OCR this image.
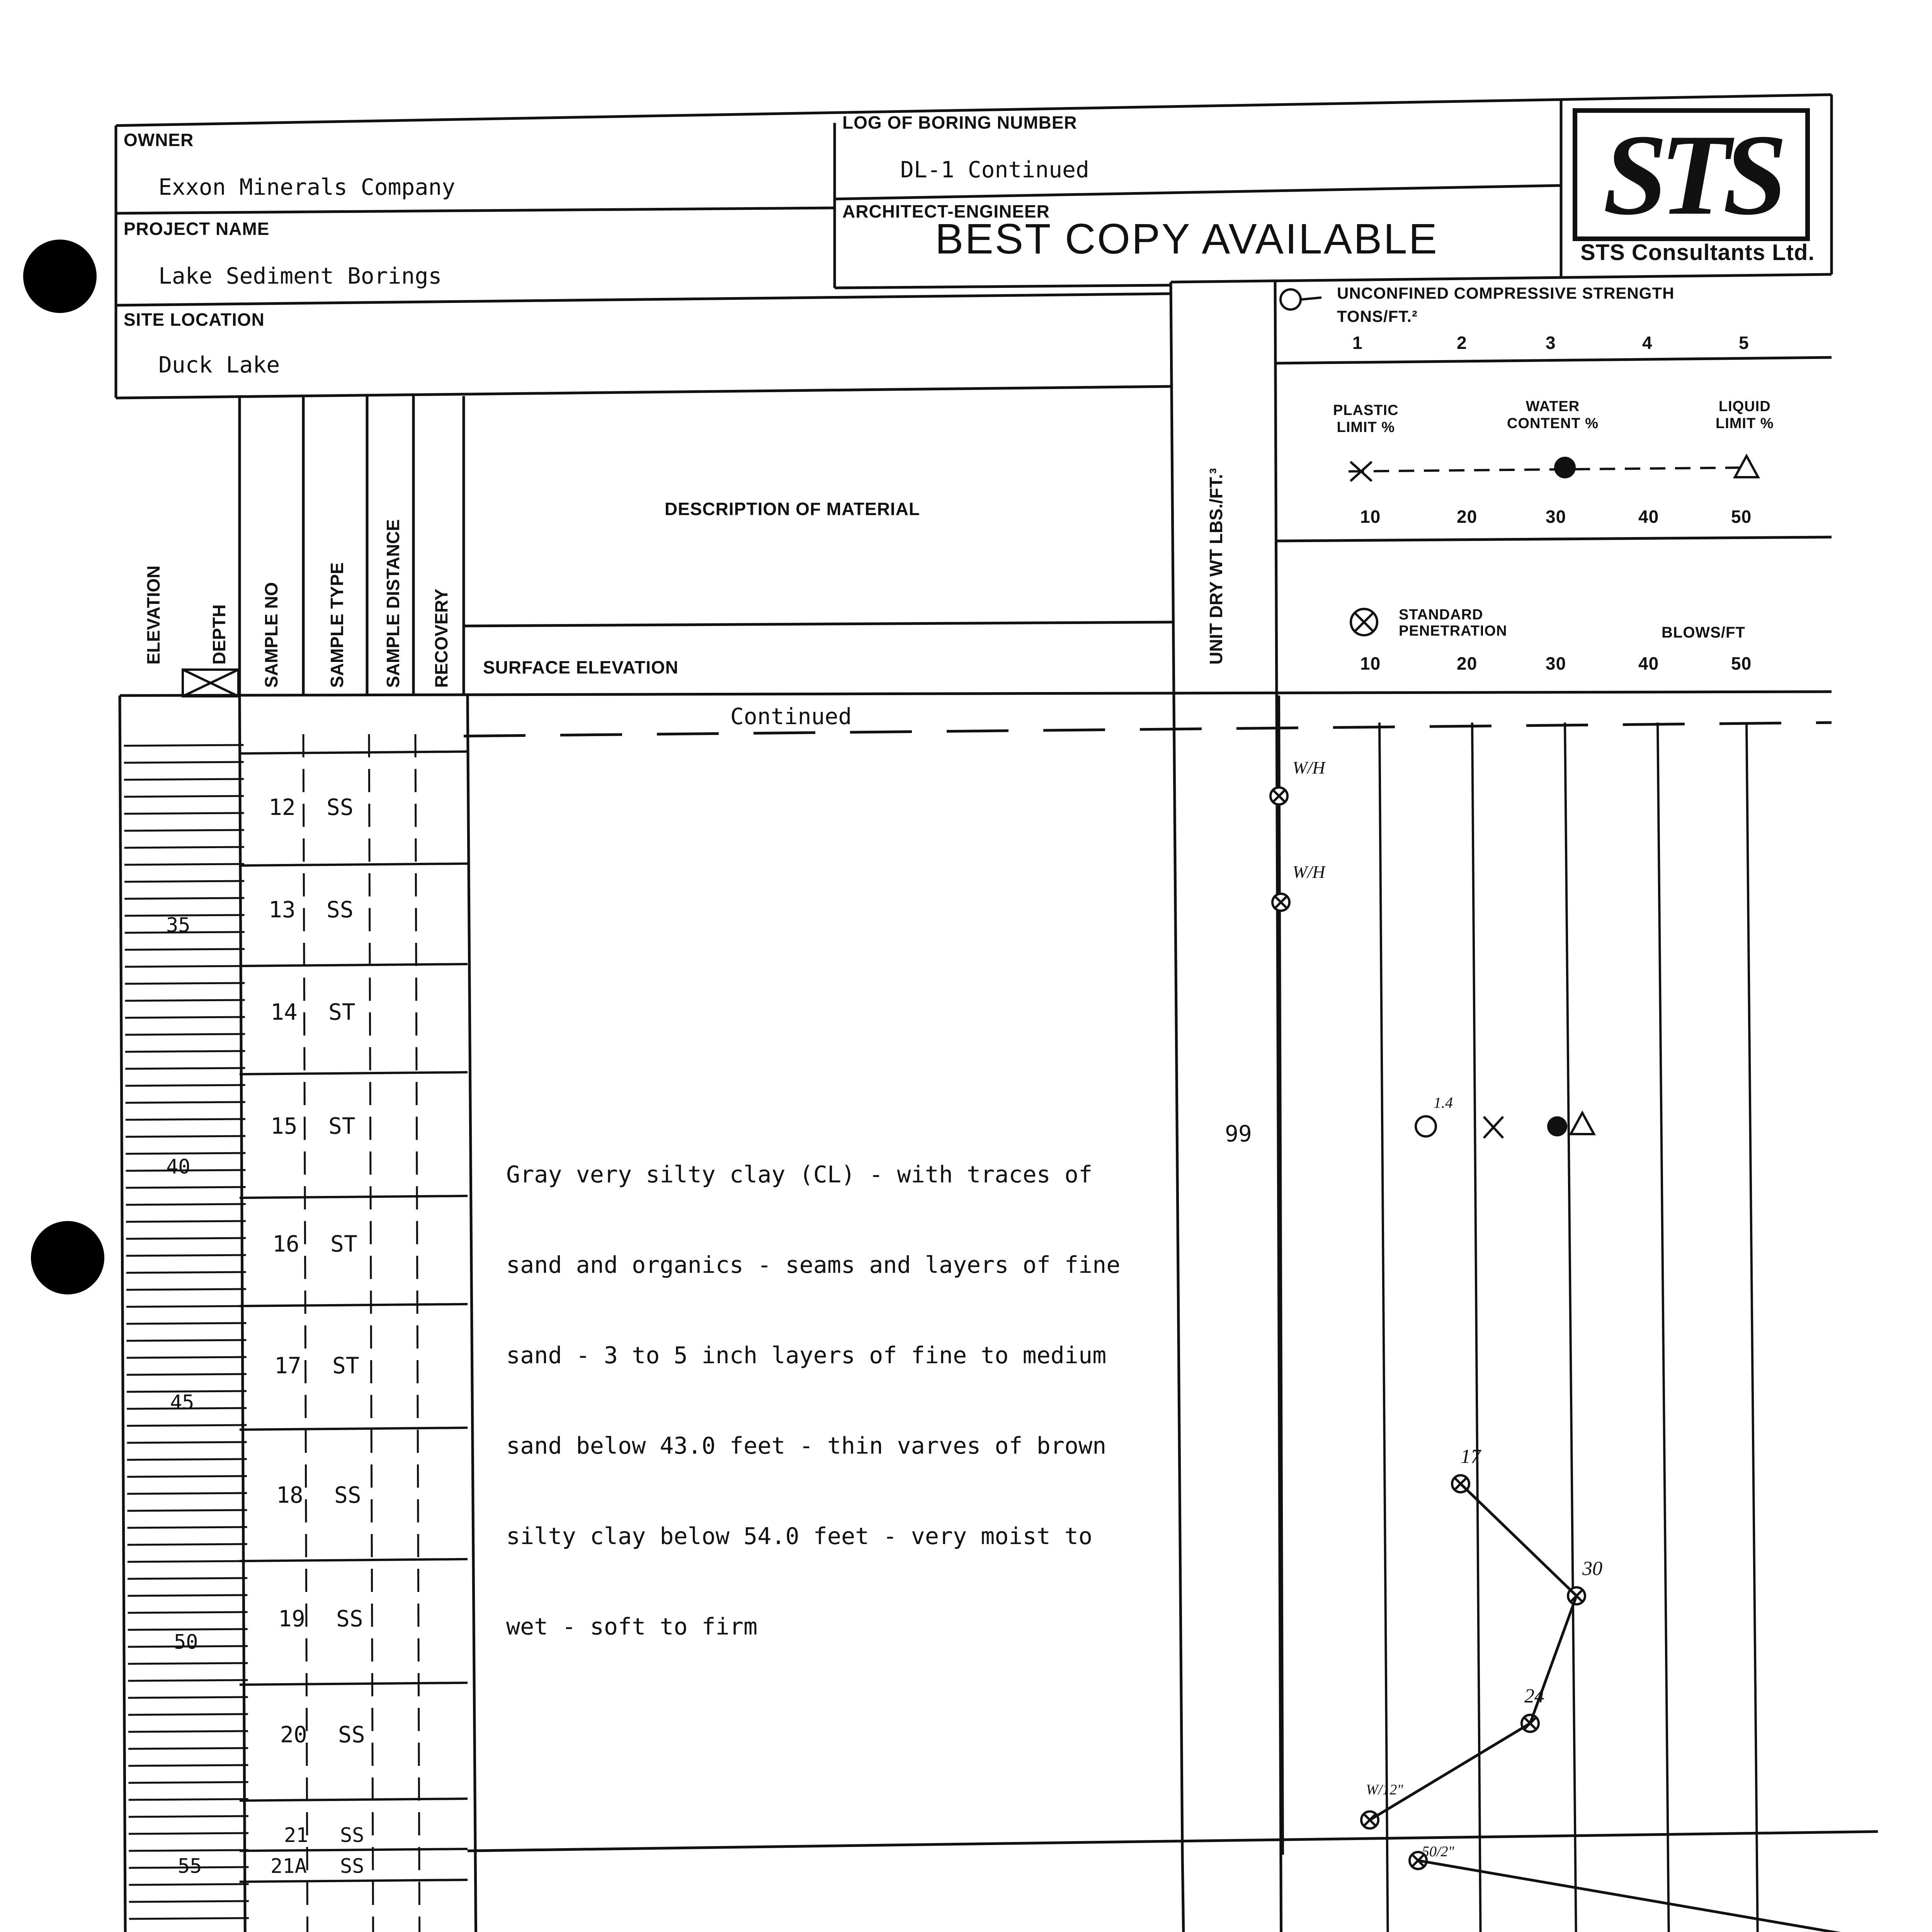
STS
STS Consultants Ltd.
OWNER
Exxon Minerals Company
PROJECT NAME
Lake Sediment Borings
SITE LOCATION
Duck Lake
LOG OF BORING NUMBER
DL-1 Continued
ARCHITECT-ENGINEER
BEST COPY AVAILABLE
ELEVATION	DEPTH SAMPLE NO	SAMPLE TYPE SAMPLE DISTANCE RECOVERY	UNIT DRY WT LBS./FT.³
DESCRIPTION OF MATERIAL
SURFACE ELEVATION
UNCONFINED COMPRESSIVE STRENGTH
TONS/FT.²
1	2	3	4	5
PLASTIC
LIMIT %
WATER
CONTENT %
LIQUID
LIMIT %
10	20	30	40	50
STANDARD
PENETRATION	BLOWS/FT
10	20	30	40	50
Continued
35
40
45
50
55
12 SS
13 SS
14 ST
15 ST
16 ST
17 ST
18 SS
19 SS
20 SS
21 SS
21A SS
99

Gray very silty clay (CL) - with traces of

sand and organics - seams and layers of fine

sand - 3 to 5 inch layers of fine to medium

sand below 43.0 feet - thin varves of brown

silty clay below 54.0 feet - very moist to

wet - soft to firm

W/H
W/H
1.4
17
30
24
W/12"
50/2"
